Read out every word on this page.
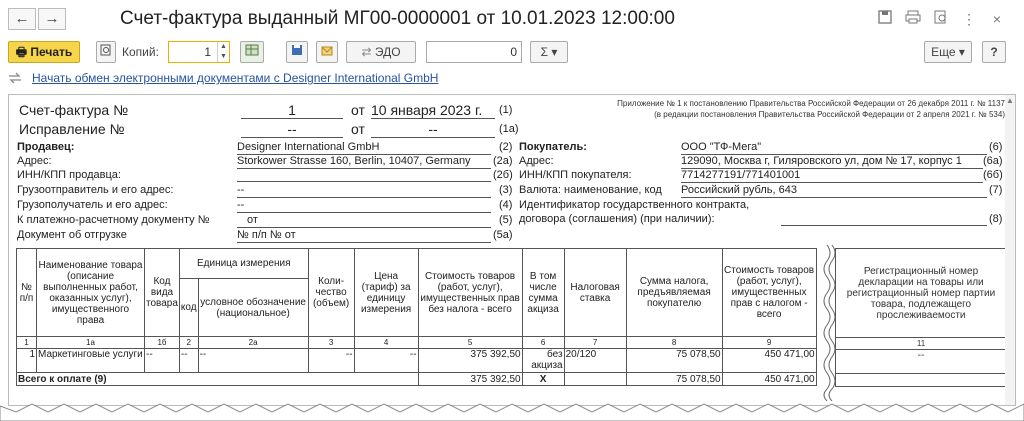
←	→	Счет-фактура выданный МГ00-0000001 от 10.01.2023 12:00:00	⋮	×
🖶 Печать	Копий:	1	▲
▼	⇄ ЭДО	0	Σ ▾	Еще ▾	?
Начать обмен электронными документами с Designer International GmbH
Счет-фактура №	1	от 10 января 2023 г.	(1)
Исправление №	--	от	--	(1а)
Приложение № 1 к постановлению Правительства Российской Федерации от 26 декабря 2011 г. № 1137
(в редакции постановления Правительства Российской Федерации от 2 апреля 2021 г. № 534)
Продавец:	Designer International GmbH	(2)
Адрес:	Storkower Strasse 160, Berlin, 10407, Germany	(2а)
ИНН/КПП продавца:	(2б)
Грузоотправитель и его адрес:	--	(3)
Грузополучатель и его адрес:	--	(4)
К платежно-расчетному документу №	от	(5)
Документ об отгрузке	№ п/п № от	(5а)
Покупатель:	ООО "ТФ-Мега"	(6)
Адрес:	129090, Москва г, Гиляровского ул, дом № 17, корпус 1	(6а)
ИНН/КПП покупателя:	7714277191/771401001	(6б)
Валюта: наименование, код Российский рубль, 643	(7)
Идентификатор государственного контракта,
договора (соглашения) (при наличии):	(8)
№ п/п	Наименование товара (описание выполненных работ, оказанных услуг), имущественного права	Код вида товара	Единица измерения		Коли-чество (объем)	Цена (тариф) за единицу измерения	Стоимость товаров (работ, услуг), имущественных прав без налога - всего	В том числе сумма акциза	Налоговая ставка	Сумма налога, предъявляемая покупателю	Стоимость товаров (работ, услуг), имущественных прав с налогом - всего
			код	условное обозначение (национальное)							
1	1а	1б	2	2а	3	4	5	6	7	8	9
1	Маркетинговые услуги	--	--	--	--	--	375 392,50	без акциза	20/120	75 078,50	450 471,00
Всего к оплате (9)							375 392,50	X		75 078,50	450 471,00
Регистрационный номер декларации на товары или регистрационный номер партии товара, подлежащего прослеживаемости
11
--

▲
